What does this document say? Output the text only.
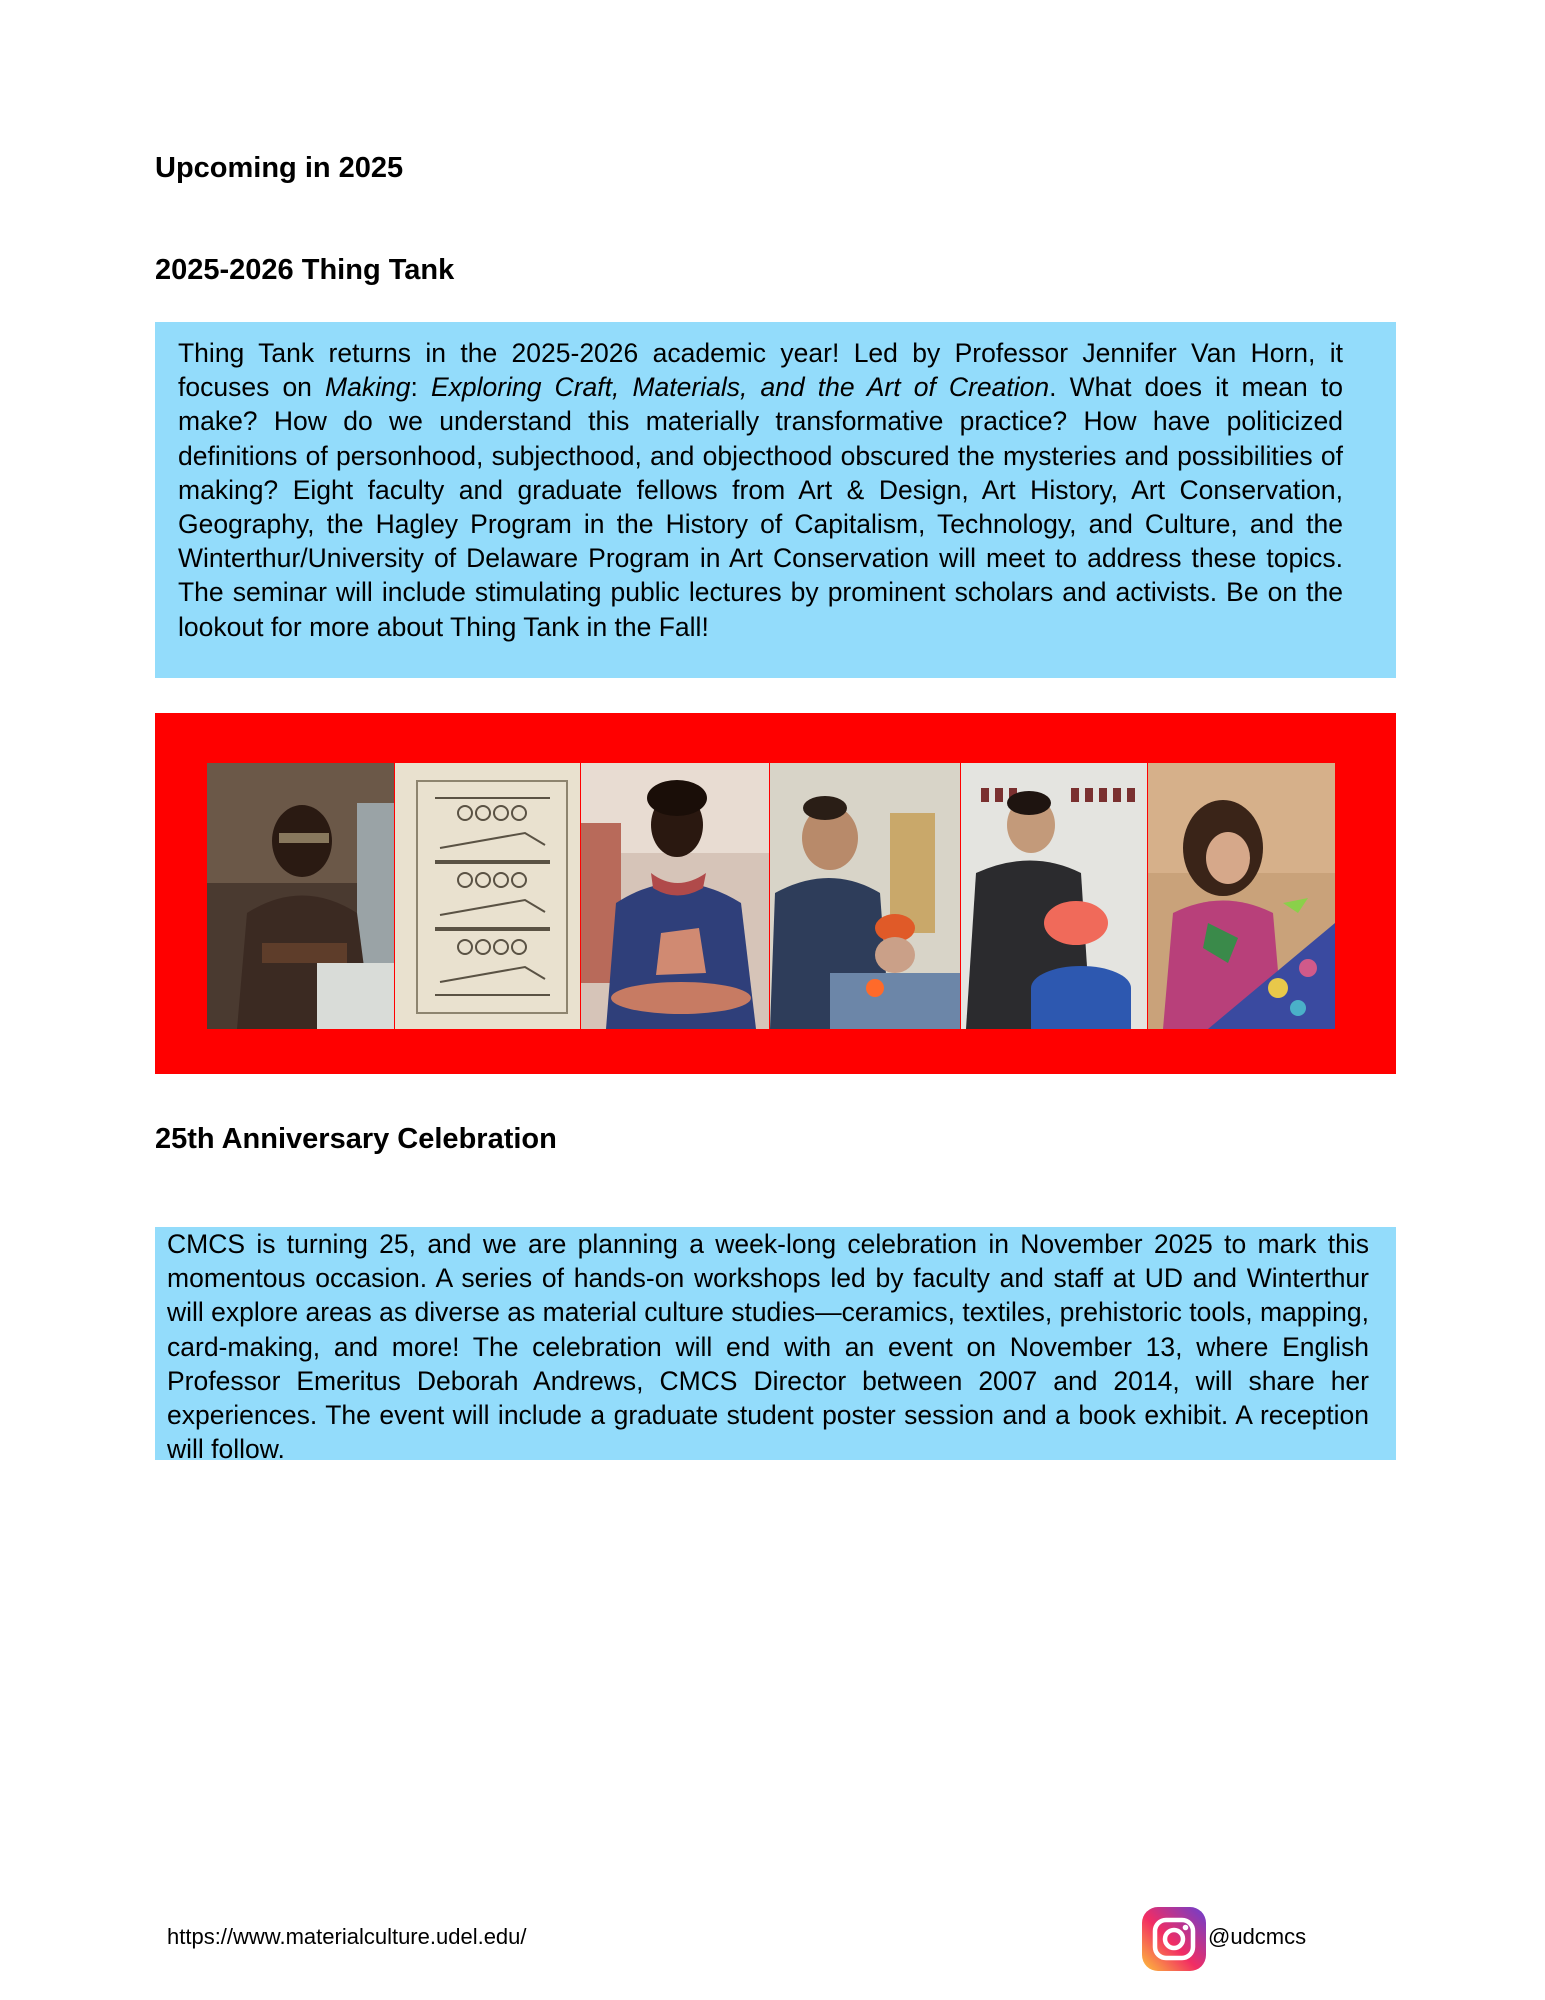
Upcoming in 2025
2025-2026 Thing Tank

Thing Tank returns in the 2025-2026 academic year! Led by Professor Jennifer Van Horn, it focuses on Making: Exploring Craft, Materials, and the Art of Creation. What does it mean to make? How do we understand this materially transformative practice? How have politicized definitions of personhood, subjecthood, and objecthood obscured the mysteries and possibilities of making? Eight faculty and graduate fellows from Art & Design, Art History, Art Conservation, Geography, the Hagley Program in the History of Capitalism, Technology, and Culture, and the Winterthur/University of Delaware Program in Art Conservation will meet to address these topics. The seminar will include stimulating public lectures by prominent scholars and activists. Be on the lookout for more about Thing Tank in the Fall!

25th Anniversary Celebration

CMCS is turning 25, and we are planning a week-long celebration in November 2025 to mark this momentous occasion. A series of hands-on workshops led by faculty and staff at UD and Winterthur will explore areas as diverse as material culture studies—ceramics, textiles, prehistoric tools, mapping, card-making, and more! The celebration will end with an event on November 13, where English Professor Emeritus Deborah Andrews, CMCS Director between 2007 and 2014, will share her experiences. The event will include a graduate student poster session and a book exhibit. A reception will follow.

https://www.materialculture.udel.edu/	@udcmcs
